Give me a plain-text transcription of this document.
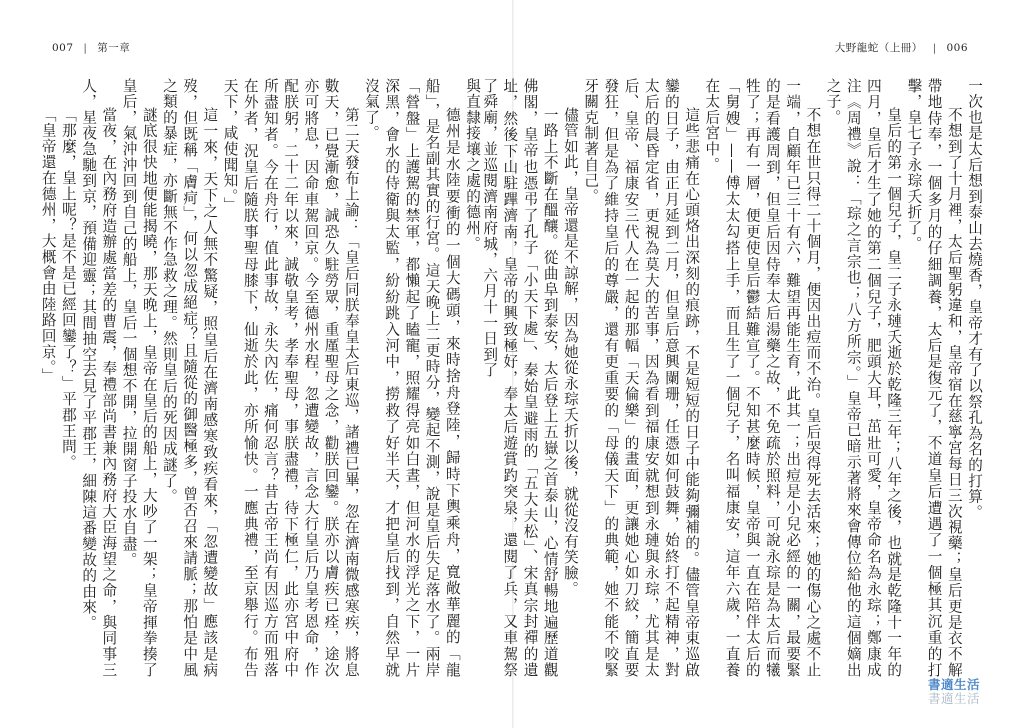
007 | 第一章	大野龍蛇（上冊） | 006

一次也是太后想到泰山去燒香，皇帝才有了以祭孔為名的打算。

不想到了十月裡，太后聖躬違和，皇帝宿在慈寧宮每日三次視藥；皇后更是衣不解帶地侍奉，一個多月的仔細調養，太后是復元了，不道皇后遭遇了一個極其沉重的打擊，皇七子永琮夭折了。

皇后的第一個兒子，皇二子永璉夭逝於乾隆三年；八年之後，也就是乾隆十一年的四月，皇后才生了她的第二個兒子，肥頭大耳，茁壯可愛，皇帝命名為永琮；鄭康成注《周禮》說：「琮之言宗也；八方所宗。」皇帝已暗示著將來會傳位給他的這個嫡出之子。

不想在世只得二十個月，便因出痘而不治。皇后哭得死去活來；她的傷心之處不止一端，自顧年已三十有六，難望再能生育，此其一；出痘是小兒必經的一關，最要緊的是看護周到，但皇后因侍奉太后湯藥之故，不免疏於照料，可說永琮是為太后而犧牲了；再有一層，便更使皇后鬱結難宣了。不知甚麼時候，皇帝與一直在陪伴太后的「舅嫂」——傅太太勾搭上手，而且生了一個兒子，名叫福康安，這年六歲，一直養在太后宮中。

這些悲痛在心頭烙出深刻的痕跡，不是短短的日子中能夠彌補的。儘管皇帝東巡啟鑾的日子，由正月延到二月，但皇后意興闌珊，任憑如何鼓舞，始終打不起精神，對太后的晨昏定省，更視為莫大的苦事，因為看到福康安就想到永璉與永琮，尤其是太后、皇帝、福康安三代人在一起的那幅「天倫樂」的畫面，更讓她心如刀絞，簡直要發狂，但是為了維持皇后的尊嚴，還有更重要的「母儀天下」的典範，她不能不咬緊牙關克制著自己。

儘管如此，皇帝還是不諒解，因為她從永琮夭折以後，就從沒有笑臉。

一路上不斷在醞釀。從曲阜到泰安，太后登上五嶽之首泰山，心情舒暢地遍歷道觀佛閣，皇帝也憑弔了孔子「小天下處」、秦始皇避雨的「五大夫松」、宋真宗封禪的遺址，然後下山駐蹕濟南，皇帝的興致極好，奉太后遊賞趵突泉，還閱了兵，又車駕祭了舜廟，並巡閱濟南府城，六月十一日到了

與直隸接壤之處的德州。

德州是水陸要衝的一個大碼頭，來時捨舟登陸，歸時下輿乘舟，寬敞華麗的「龍船」，是名副其實的行宮。這天晚上二更時分，變起不測，說是皇后失足落水了。兩岸「營盤」上護駕的禁軍，都懶起了瞌寵，照耀得亮如白晝，但河水的浮光之下，一片深黑，會水的侍衛與太監，紛紛跳入河中，撈救了好半天，才把皇后找到，自然早就沒氣了。

第二天發布上諭：「皇后同朕奉皇太后東巡，諸禮已畢，忽在濟南微感寒疾，將息數天，已覺漸愈，誠恐久駐勞眾，重厪聖母之念，勸朕回鑾。朕亦以膚疾已痊，途次亦可將息，因命車駕回京。今至德州水程，忽遭變故，言念大行皇后乃皇考恩命，作配朕躬，二十二年以來，誠敬皇考，孝奉聖母，事朕盡禮，待下極仁，此亦宮中府中所盡知者。今在舟行，值此事故，永失內佐，痛何忍言？昔古帝王尚有因巡方而殂落在外者，況皇后隨朕事聖母膝下，仙逝於此，亦所愉快。一應典禮，至京舉行。布告天下，咸使聞知。」

這一來，天下之人無不驚疑，照皇后在濟南感寒致疾看來，「忽遭變故」應該是病歿，但既稱「膚疴」，何以忽成絕症？且隨從的御醫極多，曾否召來請脈；那怕是中風之類的暴症，亦斷無不作急救之理。然則皇后的死因成謎了。

謎底很快地便能揭曉，那天晚上，皇帝在皇后的船上，大吵了一架；皇帝揮拳揍了皇后，氣沖沖回到自己的船上，皇后一個想不開，拉開窗子投水自盡。

當夜，在內務府造辦處當差的曹震，奉禮部尚書兼內務府大臣海望之命，與同事三人，星夜急馳到京，預備迎靈；其間抽空去見了平郡王，細陳這番變故的由來。

「那麼，皇上呢？是不是已經回鑾了？」平郡王問。

「皇帝還在德州，大概會由陸路回京。」

書適生活
書適生活
